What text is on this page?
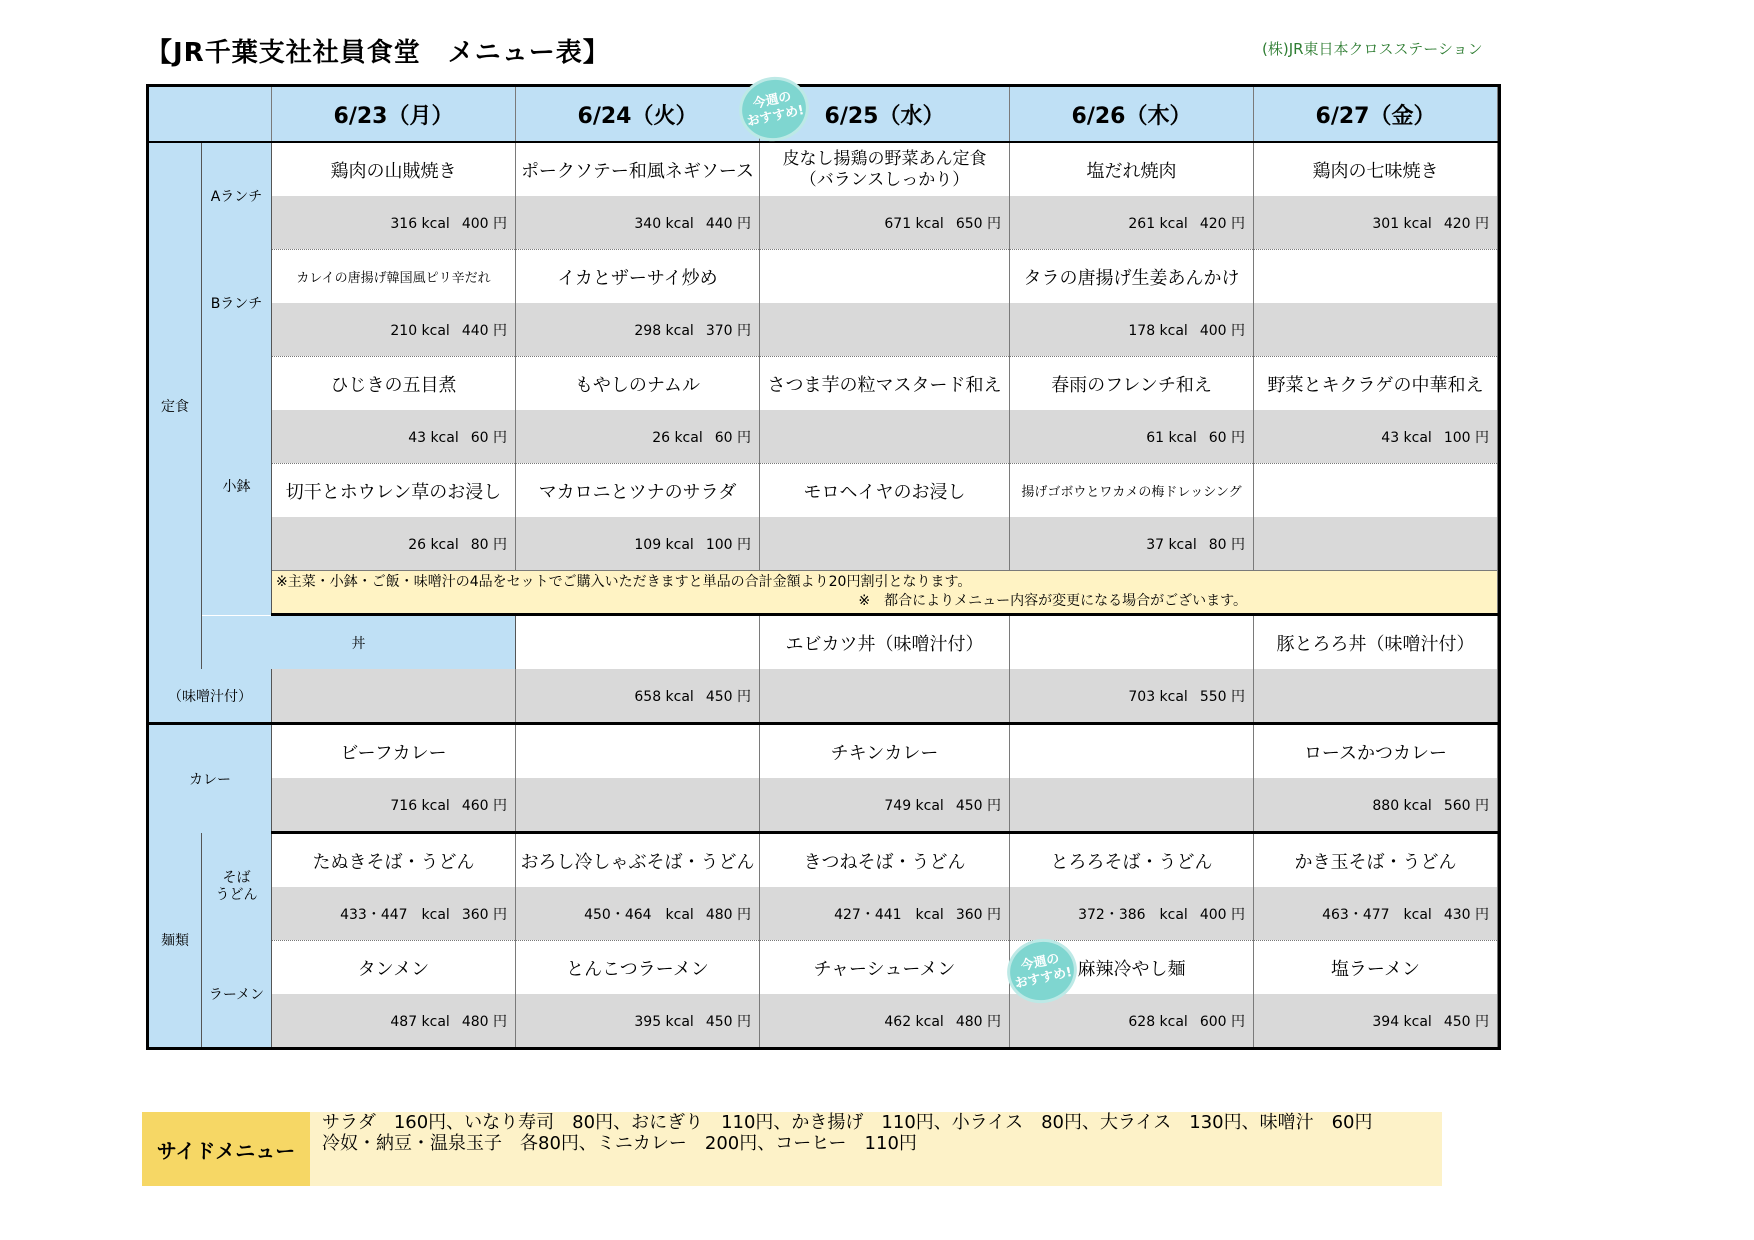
【JR千葉支社社員食堂　メニュー表】	(株)JR東日本クロスステーション
		6/23（月）	6/24（火）	6/25（水）	6/26（木）	6/27（金）	
定食	Aランチ	鶏肉の山賊焼き	ポークソテー和風ネギソース	皮なし揚鶏の野菜あん定食
（バランスしっかり）	塩だれ焼肉	鶏肉の七味焼き	
		316 kcal 400 円	340 kcal 440 円	671 kcal 650 円	261 kcal 420 円	301 kcal 420 円	
	Bランチ	カレイの唐揚げ韓国風ピリ辛だれ	イカとザーサイ炒め		タラの唐揚げ生姜あんかけ		
		210 kcal 440 円	298 kcal 370 円		178 kcal 400 円		
	小鉢	ひじきの五目煮	もやしのナムル	さつま芋の粒マスタード和え	春雨のフレンチ和え	野菜とキクラゲの中華和え	
		43 kcal 60 円	26 kcal 60 円		61 kcal 60 円	43 kcal 100 円	
		切干とホウレン草のお浸し	マカロニとツナのサラダ	モロヘイヤのお浸し	揚げゴボウとワカメの梅ドレッシング		
		26 kcal 80 円	109 kcal 100 円		37 kcal 80 円		

		※主菜・小鉢・ご飯・味噌汁の4品をセットでご購入いただきますと単品の合計金額より20円割引となります。
※　都合によりメニュー内容が変更になる場合がございます。					

	丼			エビカツ丼（味噌汁付）		豚とろろ丼（味噌汁付）	
（味噌汁付）			658 kcal 450 円		703 kcal 550 円		
カレー		ビーフカレー		チキンカレー		ロースかつカレー	
		716 kcal 460 円		749 kcal 450 円		880 kcal 560 円	
麺類	そば
うどん	たぬきそば・うどん	おろし冷しゃぶそば・うどん	きつねそば・うどん	とろろそば・うどん	かき玉そば・うどん	
		433・447　kcal 360 円	450・464　kcal 480 円	427・441　kcal 360 円	372・386　kcal 400 円	463・477　kcal 430 円	
	ラーメン	タンメン	とんこつラーメン	チャーシューメン	麻辣冷やし麺	塩ラーメン	
		487 kcal 480 円	395 kcal 450 円	462 kcal 480 円	628 kcal 600 円	394 kcal 450 円	
今週の
おすすめ!
今週の
おすすめ!
サイドメニュー
サラダ　160円、いなり寿司　80円、おにぎり　110円、かき揚げ　110円、小ライス　80円、大ライス　130円、味噌汁　60円
冷奴・納豆・温泉玉子　各80円、ミニカレー　200円、コーヒー　110円
